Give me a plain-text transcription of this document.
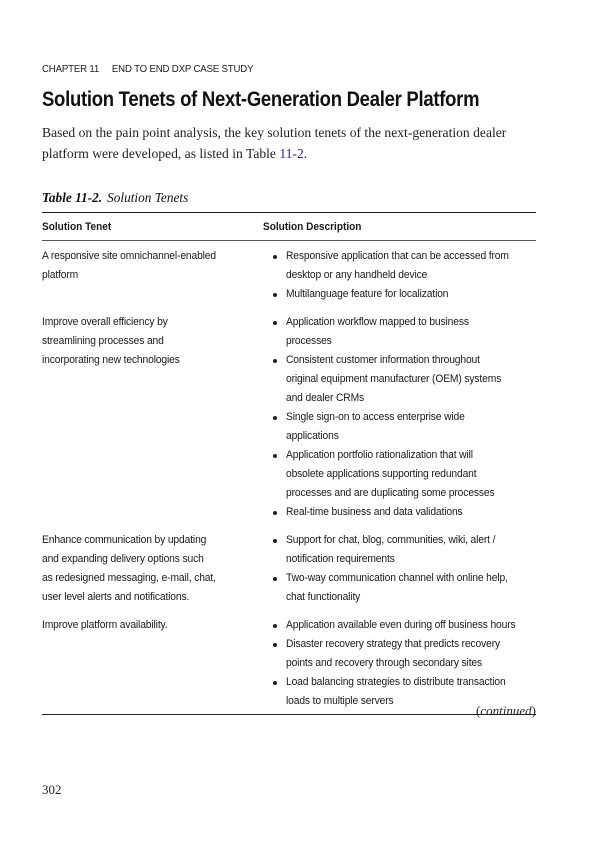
CHAPTER 11 END TO END DXP CASE STUDY
Solution Tenets of Next-Generation Dealer Platform

Based on the pain point analysis, the key solution tenets of the next-generation dealer
platform were developed, as listed in Table 11-2.

Table 11-2. Solution Tenets
Solution Tenet	Solution Description
A responsive site omnichannel-enabled
platform
Responsive application that can be accessed from
desktop or any handheld device
Multilanguage feature for localization
Improve overall efficiency by
streamlining processes and
incorporating new technologies
Application workflow mapped to business
processes
Consistent customer information throughout
original equipment manufacturer (OEM) systems
and dealer CRMs
Single sign-on to access enterprise wide
applications
Application portfolio rationalization that will
obsolete applications supporting redundant
processes and are duplicating some processes
Real-time business and data validations
Enhance communication by updating
and expanding delivery options such
as redesigned messaging, e-mail, chat,
user level alerts and notifications.
Support for chat, blog, communities, wiki, alert /
notification requirements
Two-way communication channel with online help,
chat functionality
Improve platform availability.	Application available even during off business hours
Disaster recovery strategy that predicts recovery
points and recovery through secondary sites
Load balancing strategies to distribute transaction
loads to multiple servers
(continued)
302
